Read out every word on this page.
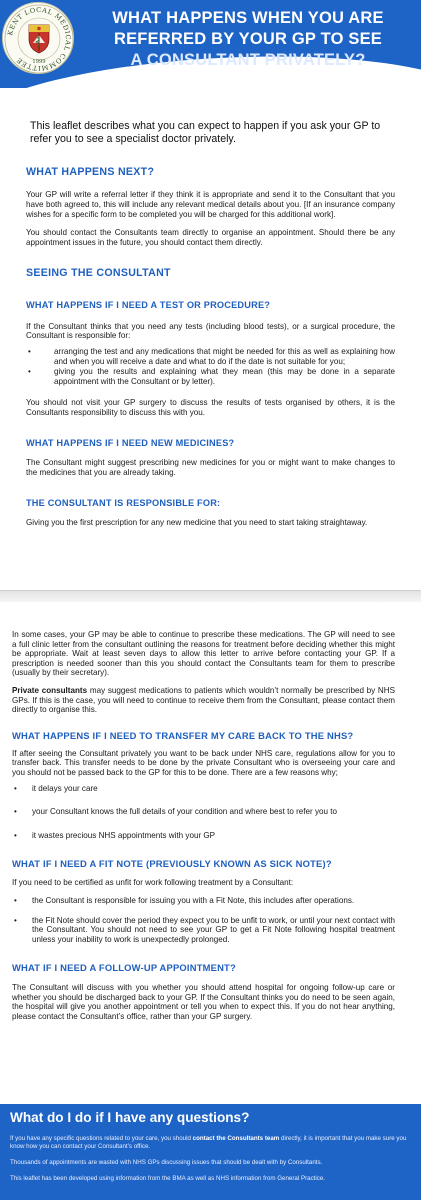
KENT LOCAL MEDICAL COMMITTEE	1999
WHAT HAPPENS WHEN YOU ARE
REFERRED BY YOUR GP TO SEE
A CONSULTANT PRIVATELY?

This leaflet describes what you can expect to happen if you ask your GP to refer you to see a specialist doctor privately.

WHAT HAPPENS NEXT?

Your GP will write a referral letter if they think it is appropriate and send it to the Consultant that you have both agreed to, this will include any relevant medical details about you. [If an insurance company wishes for a specific form to be completed you will be charged for this additional work].

You should contact the Consultants team directly to organise an appointment. Should there be any appointment issues in the future, you should contact them directly.

SEEING THE CONSULTANT
WHAT HAPPENS IF I NEED A TEST OR PROCEDURE?

If the Consultant thinks that you need any tests (including blood tests), or a surgical procedure, the Consultant is responsible for:

•	arranging the test and any medications that might be needed for this as well as explaining how and when you will receive a date and what to do if the date is not suitable for you;
•	giving you the results and explaining what they mean (this may be done in a separate appointment with the Consultant or by letter).

You should not visit your GP surgery to discuss the results of tests organised by others, it is the Consultants responsibility to discuss this with you.

WHAT HAPPENS IF I NEED NEW MEDICINES?

The Consultant might suggest prescribing new medicines for you or might want to make changes to the medicines that you are already taking.

THE CONSULTANT IS RESPONSIBLE FOR:

Giving you the first prescription for any new medicine that you need to start taking straightaway.

In some cases, your GP may be able to continue to prescribe these medications. The GP will need to see a full clinic letter from the consultant outlining the reasons for treatment before deciding whether this might be appropriate. Wait at least seven days to allow this letter to arrive before contacting your GP. If a prescription is needed sooner than this you should contact the Consultants team for them to prescribe (usually by their secretary).

Private consultants may suggest medications to patients which wouldn’t normally be prescribed by NHS GPs. If this is the case, you will need to continue to receive them from the Consultant, please contact them directly to organise this.

WHAT HAPPENS IF I NEED TO TRANSFER MY CARE BACK TO THE NHS?

If after seeing the Consultant privately you want to be back under NHS care, regulations allow for you to transfer back. This transfer needs to be done by the private Consultant who is overseeing your care and you should not be passed back to the GP for this to be done. There are a few reasons why;

• it delays your care
• your Consultant knows the full details of your condition and where best to refer you to
• it wastes precious NHS appointments with your GP
WHAT IF I NEED A FIT NOTE (PREVIOUSLY KNOWN AS SICK NOTE)?

If you need to be certified as unfit for work following treatment by a Consultant:

• the Consultant is responsible for issuing you with a Fit Note, this includes after operations.
• the Fit Note should cover the period they expect you to be unfit to work, or until your next contact with the Consultant. You should not need to see your GP to get a Fit Note following hospital treatment unless your inability to work is unexpectedly prolonged.
WHAT IF I NEED A FOLLOW-UP APPOINTMENT?

The Consultant will discuss with you whether you should attend hospital for ongoing follow-up care or whether you should be discharged back to your GP. If the Consultant thinks you do need to be seen again, the hospital will give you another appointment or tell you when to expect this. If you do not hear anything, please contact the Consultant’s office, rather than your GP surgery.

What do I do if I have any questions?

If you have any specific questions related to your care, you should contact the Consultants team directly, it is important that you make sure you know how you can contact your Consultant’s office.

Thousands of appointments are wasted with NHS GPs discussing issues that should be dealt with by Consultants.

This leaflet has been developed using information from the BMA as well as NHS information from General Practice.
